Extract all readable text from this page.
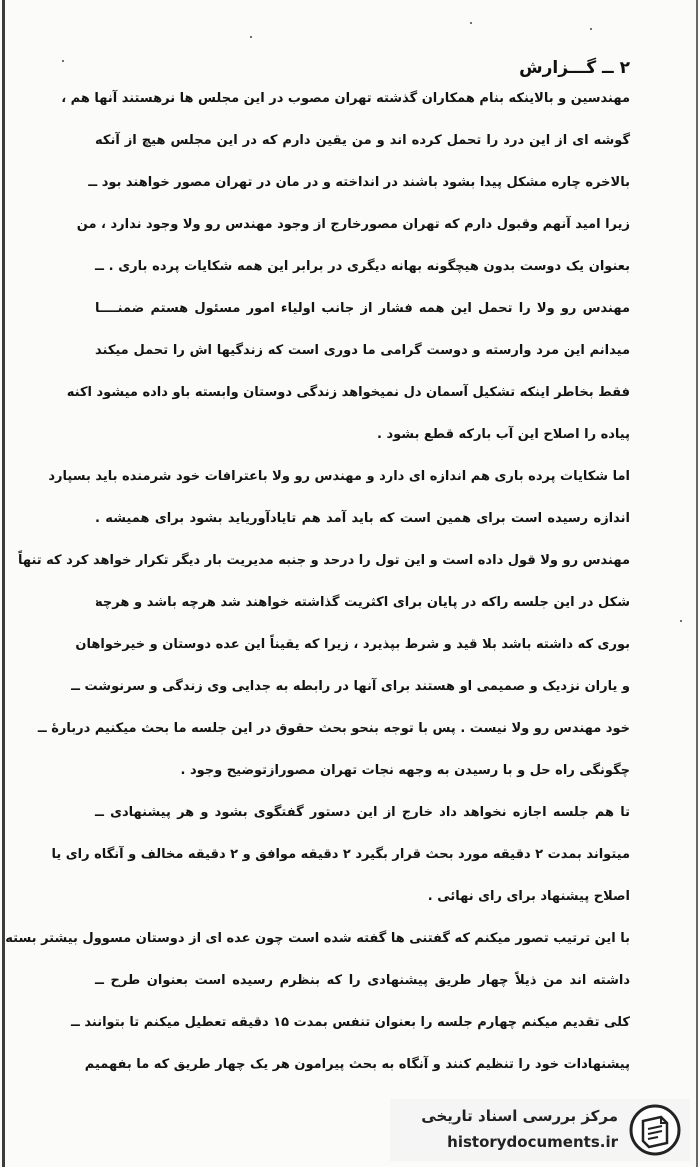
۲ ــ گـــزارش
مهندسین و بالاینکه بنام همکاران گذشته تهران مصوب در این مجلس ها نرهستند آنها هم ،
گوشه ای از این درد را تحمل کرده اند و من یقین دارم که در این مجلس هیچ از آنکه
بالاخره چاره مشکل پیدا بشود باشند در انداخته و در مان در تهران مصور خواهند بود ــ
زیرا امید آنهم وقبول دارم که تهران مصورخارج از وجود مهندس رو ولا وجود ندارد ، من
بعنوان یک دوست بدون هیچگونه بهانه دیگری در برابر این همه شکایات پرده باری . ــ
مهندس رو ولا را تحمل این همه فشار از جانب اولیاء امور مسئول هستم ضمنــــا
میدانم این مرد وارسته و دوست گرامی ما دوری است که زندگیها اش را تحمل میکند
فقط بخاطر اینکه تشکیل آسمان دل نمیخواهد زندگی دوستان وابسته باو داده میشود اکنه
پیاده را اصلاح این آب بارکه قطع بشود .
اما شکایات پرده باری هم اندازه ای دارد و مهندس رو ولا باعترافات خود شرمنده باید بسپارد
اندازه رسیده است برای همین است که باید آمد هم تایادآوریاید بشود برای همیشه .
مهندس رو ولا قول داده است و این تول را درحد و جنبه مدیریت بار دیگر تکرار خواهد کرد که تنهاً
شکل در این جلسه راکه در پایان برای اکثریت گذاشته خواهند شد هرچه باشد و هرچه
بوری که داشته باشد بلا قید و شرط بپذیرد ، زیرا که یقیناً این عده دوستان و خیرخواهان
و یاران نزدیک و صمیمی او هستند برای آنها در رابطه به جدایی وی زندگی و سرنوشت ــ
خود مهندس رو ولا نیست . پس با توجه بنحو بحث حقوق در این جلسه ما بحث میکنیم دربارهٔ ــ
چگونگی راه حل و با رسیدن به وجهه نجات تهران مصورازتوضیح وجود .
تا هم جلسه اجازه نخواهد داد خارج از این دستور گفتگوی بشود و هر پیشنهادی ــ
میتواند بمدت ۲ دقیقه مورد بحث قرار بگیرد ۲ دقیقه موافق و ۲ دقیقه مخالف و آنگاه رای یا
اصلاح پیشنهاد برای رای نهائی .
با این ترتیب تصور میکنم که گفتنی ها گفته شده است چون عده ای از دوستان مسوول بیشتر بسته
داشته اند من ذیلاً چهار طریق پیشنهادی را که بنظرم رسیده است بعنوان طرح ــ
کلی تقدیم میکنم چهارم جلسه را بعنوان تنفس بمدت ۱۵ دقیقه تعطیل میکنم تا بتوانند ــ
پیشنهادات خود را تنظیم کنند و آنگاه به بحث پیرامون هر یک چهار طریق که ما بفهمیم
مرکز بررسی اسناد تاریخی
historydocuments.ir
